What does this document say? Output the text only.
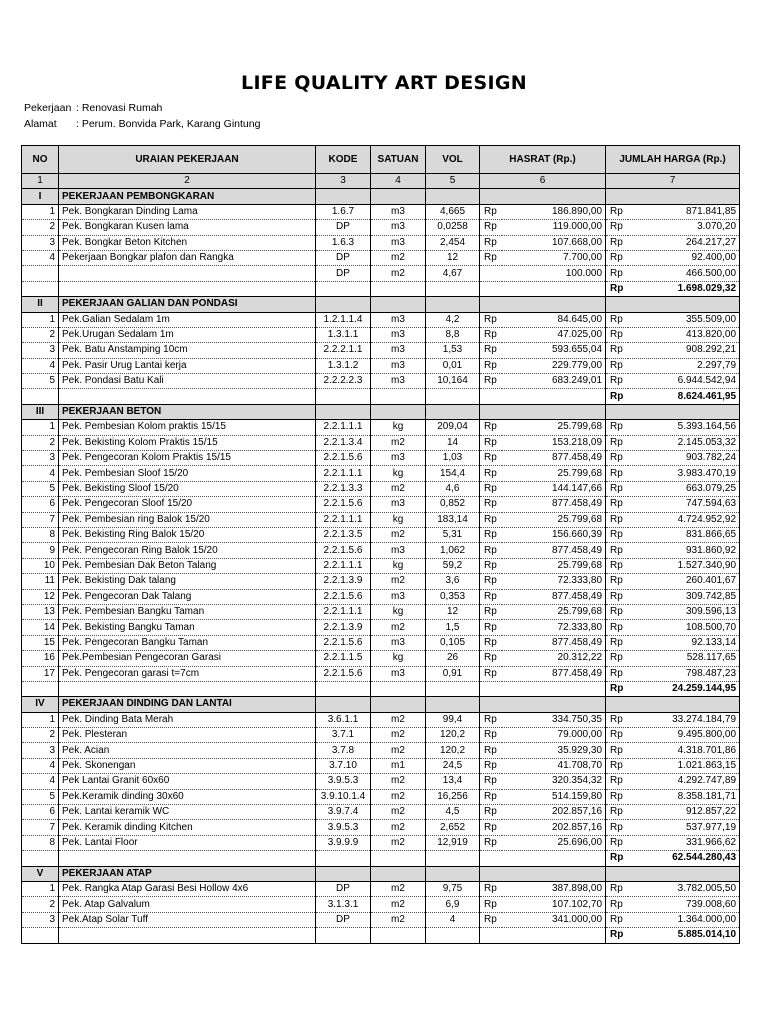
LIFE QUALITY ART DESIGN
Pekerjaan : Renovasi Rumah
Alamat : Perum. Bonvida Park, Karang Gintung
NO	URAIAN PEKERJAAN	KODE	SATUAN	VOL	HASRAT (Rp.)		JUMLAH HARGA (Rp.)	
1	2	3	4	5	6		7	
I	PEKERJAAN PEMBONGKARAN							
1	Pek. Bongkaran Dinding Lama	1.6.7	m3	4,665	Rp	186.890,00	Rp	871.841,85
2	Pek. Bongkaran Kusen lama	DP	m3	0,0258	Rp	119.000,00	Rp	3.070,20
3	Pek. Bongkar Beton Kitchen	1.6.3	m3	2,454	Rp	107.668,00	Rp	264.217,27
4	Pekerjaan Bongkar plafon dan Rangka	DP	m2	12	Rp	7.700,00	Rp	92.400,00
		DP	m2	4,67		100.000	Rp	466.500,00
							Rp	1.698.029,32
II	PEKERJAAN GALIAN DAN PONDASI							
1	Pek.Galian Sedalam 1m	1.2.1.1.4	m3	4,2	Rp	84.645,00	Rp	355.509,00
2	Pek.Urugan Sedalam 1m	1.3.1.1	m3	8,8	Rp	47.025,00	Rp	413.820,00
3	Pek. Batu Anstamping 10cm	2.2.2.1.1	m3	1,53	Rp	593.655,04	Rp	908.292,21
4	Pek. Pasir Urug Lantai kerja	1.3.1.2	m3	0,01	Rp	229.779,00	Rp	2.297,79
5	Pek. Pondasi Batu Kali	2.2.2.2.3	m3	10,164	Rp	683.249,01	Rp	6.944.542,94
							Rp	8.624.461,95
III	PEKERJAAN BETON							
1	Pek. Pembesian Kolom praktis 15/15	2.2.1.1.1	kg	209,04	Rp	25.799,68	Rp	5.393.164,56
2	Pek. Bekisting Kolom Praktis 15/15	2.2.1.3.4	m2	14	Rp	153.218,09	Rp	2.145.053,32
3	Pek. Pengecoran Kolom Praktis 15/15	2.2.1.5.6	m3	1,03	Rp	877.458,49	Rp	903.782,24
4	Pek. Pembesian Sloof 15/20	2.2.1.1.1	kg	154,4	Rp	25.799,68	Rp	3.983.470,19
5	Pek. Bekisting Sloof 15/20	2.2.1.3.3	m2	4,6	Rp	144.147,66	Rp	663.079,25
6	Pek. Pengecoran Sloof 15/20	2.2.1.5.6	m3	0,852	Rp	877.458,49	Rp	747.594,63
7	Pek. Pembesian ring Balok 15/20	2.2.1.1.1	kg	183,14	Rp	25.799,68	Rp	4.724.952,92
8	Pek. Bekisting Ring Balok 15/20	2.2.1.3.5	m2	5,31	Rp	156.660,39	Rp	831.866,65
9	Pek. Pengecoran Ring Balok 15/20	2.2.1.5.6	m3	1,062	Rp	877.458,49	Rp	931.860,92
10	Pek. Pembesian Dak Beton Talang	2.2.1.1.1	kg	59,2	Rp	25.799,68	Rp	1.527.340,90
11	Pek. Bekisting Dak talang	2.2.1.3.9	m2	3,6	Rp	72.333,80	Rp	260.401,67
12	Pek. Pengecoran Dak Talang	2.2.1.5.6	m3	0,353	Rp	877.458,49	Rp	309.742,85
13	Pek. Pembesian Bangku Taman	2.2.1.1.1	kg	12	Rp	25.799,68	Rp	309.596,13
14	Pek. Bekisting Bangku Taman	2.2.1.3.9	m2	1,5	Rp	72.333,80	Rp	108.500,70
15	Pek. Pengecoran Bangku Taman	2.2.1.5.6	m3	0,105	Rp	877.458,49	Rp	92.133,14
16	Pek.Pembesian Pengecoran Garasi	2.2.1.1.5	kg	26	Rp	20.312,22	Rp	528.117,65
17	Pek. Pengecoran garasi t=7cm	2.2.1.5.6	m3	0,91	Rp	877.458,49	Rp	798.487,23
							Rp	24.259.144,95
IV	PEKERJAAN DINDING DAN LANTAI							
1	Pek. Dinding Bata Merah	3.6.1.1	m2	99,4	Rp	334.750,35	Rp	33.274.184,79
2	Pek. Plesteran	3.7.1	m2	120,2	Rp	79.000,00	Rp	9.495.800,00
3	Pek. Acian	3.7.8	m2	120,2	Rp	35.929,30	Rp	4.318.701,86
4	Pek. Skonengan	3.7.10	m1	24,5	Rp	41.708,70	Rp	1.021.863,15
4	Pek Lantai Granit 60x60	3.9.5.3	m2	13,4	Rp	320.354,32	Rp	4.292.747,89
5	Pek.Keramik dinding 30x60	3.9.10.1.4	m2	16,256	Rp	514.159,80	Rp	8.358.181,71
6	Pek. Lantai keramik WC	3.9.7.4	m2	4,5	Rp	202.857,16	Rp	912.857,22
7	Pek. Keramik dinding Kitchen	3.9.5.3	m2	2,652	Rp	202.857,16	Rp	537.977,19
8	Pek. Lantai Floor	3.9.9.9	m2	12,919	Rp	25.696,00	Rp	331.966,62
							Rp	62.544.280,43
V	PEKERJAAN ATAP							
1	Pek. Rangka Atap Garasi Besi Hollow 4x6	DP	m2	9,75	Rp	387.898,00	Rp	3.782.005,50
2	Pek. Atap Galvalum	3.1.3.1	m2	6,9	Rp	107.102,70	Rp	739.008,60
3	Pek.Atap Solar Tuff	DP	m2	4	Rp	341.000,00	Rp	1.364.000,00
							Rp	5.885.014,10
